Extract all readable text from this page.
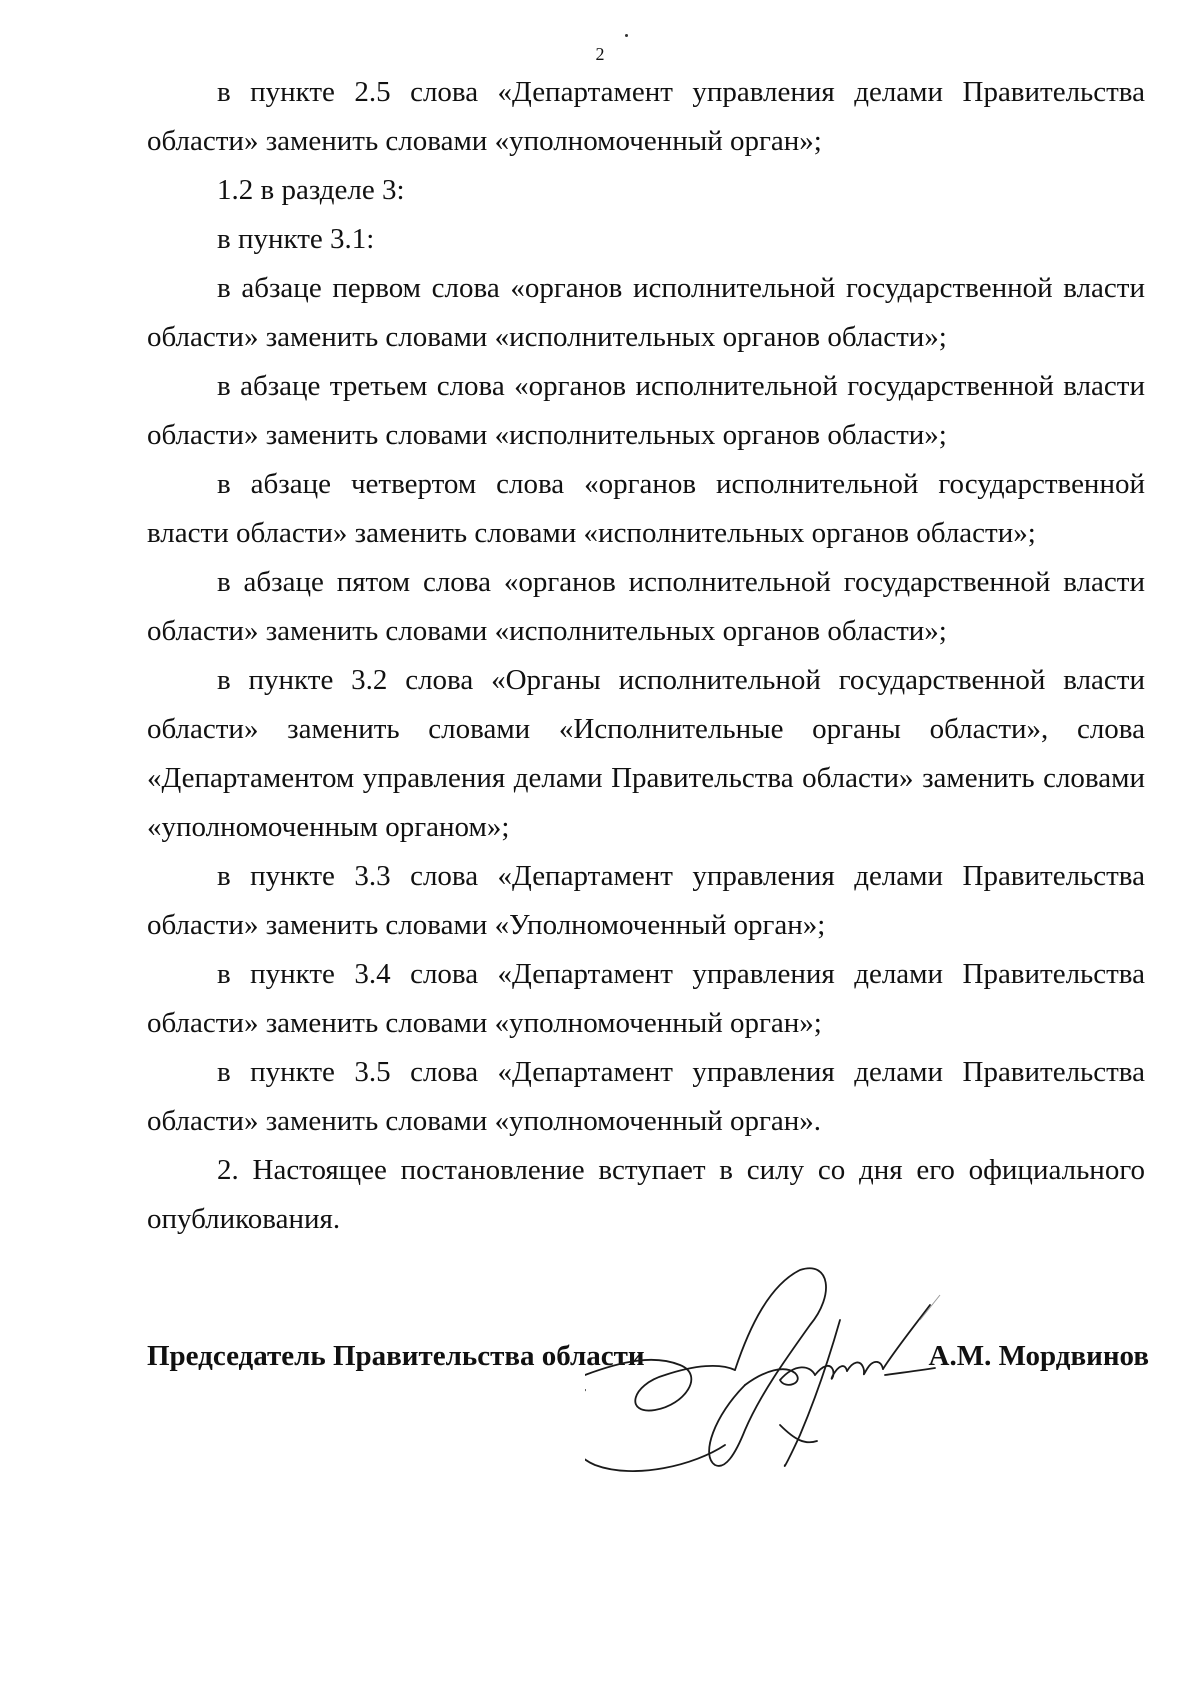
2

в пункте 2.5 слова «Департамент управления делами Правительства области» заменить словами «уполномоченный орган»;

1.2 в разделе 3:

в пункте 3.1:

в абзаце первом слова «органов исполнительной государственной власти области» заменить словами «исполнительных органов области»;

в абзаце третьем слова «органов исполнительной государственной власти области» заменить словами «исполнительных органов области»;

в абзаце четвертом слова «органов исполнительной государственной власти области» заменить словами «исполнительных органов области»;

в абзаце пятом слова «органов исполнительной государственной власти области» заменить словами «исполнительных органов области»;

в пункте 3.2 слова «Органы исполнительной государственной власти области» заменить словами «Исполнительные органы области», слова «Департаментом управления делами Правительства области» заменить словами «уполномоченным органом»;

в пункте 3.3 слова «Департамент управления делами Правительства области» заменить словами «Уполномоченный орган»;

в пункте 3.4 слова «Департамент управления делами Правительства области» заменить словами «уполномоченный орган»;

в пункте 3.5 слова «Департамент управления делами Правительства области» заменить словами «уполномоченный орган».

2. Настоящее постановление вступает в силу со дня его официального опубликования.

Председатель Правительства области	А.М. Мордвинов
